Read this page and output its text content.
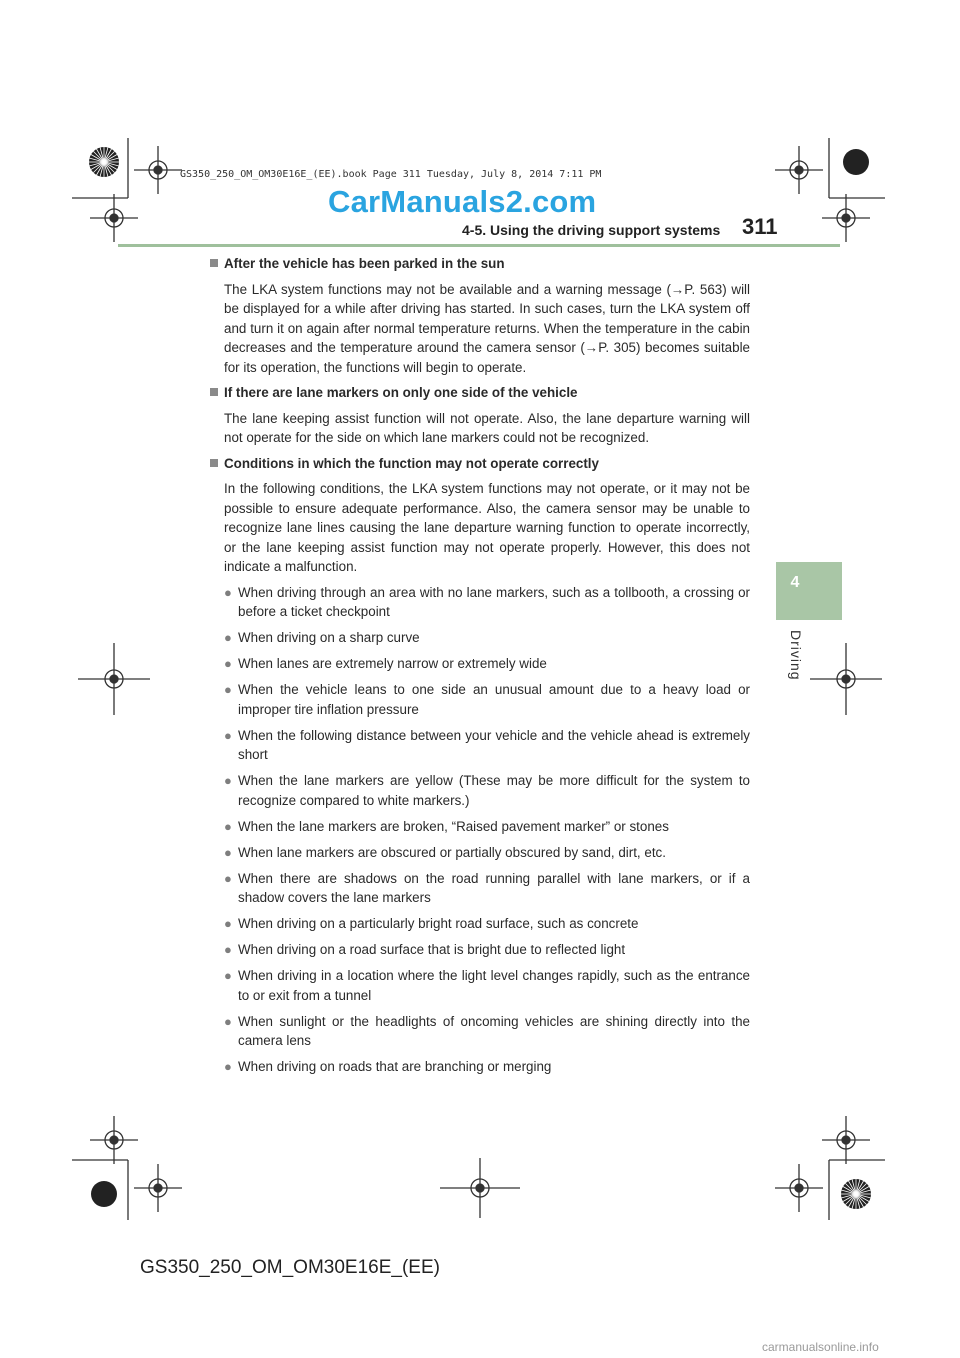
GS350_250_OM_OM30E16E_(EE).book Page 311 Tuesday, July 8, 2014 7:11 PM
CarManuals2.com
4-5. Using the driving support systems 311
4
Driving
After the vehicle has been parked in the sun
The LKA system functions may not be available and a warning message (→P. 563) will be displayed for a while after driving has started. In such cases, turn the LKA system off and turn it on again after normal temperature returns. When the temperature in the cabin decreases and the temperature around the camera sensor (→P. 305) becomes suitable for its operation, the functions will begin to operate.
If there are lane markers on only one side of the vehicle
The lane keeping assist function will not operate. Also, the lane departure warning will not operate for the side on which lane markers could not be recognized.
Conditions in which the function may not operate correctly
In the following conditions, the LKA system functions may not operate, or it may not be possible to ensure adequate performance. Also, the camera sensor may be unable to recognize lane lines causing the lane departure warning function to operate incorrectly, or the lane keeping assist function may not operate properly. However, this does not indicate a malfunction.
● When driving through an area with no lane markers, such as a tollbooth, a crossing or before a ticket checkpoint
● When driving on a sharp curve
● When lanes are extremely narrow or extremely wide
● When the vehicle leans to one side an unusual amount due to a heavy load or improper tire inflation pressure
● When the following distance between your vehicle and the vehicle ahead is extremely short
● When the lane markers are yellow (These may be more difficult for the system to recognize compared to white markers.)
● When the lane markers are broken, “Raised pavement marker” or stones
● When lane markers are obscured or partially obscured by sand, dirt, etc.
● When there are shadows on the road running parallel with lane markers, or if a shadow covers the lane markers
● When driving on a particularly bright road surface, such as concrete
● When driving on a road surface that is bright due to reflected light
● When driving in a location where the light level changes rapidly, such as the entrance to or exit from a tunnel
● When sunlight or the headlights of oncoming vehicles are shining directly into the camera lens
● When driving on roads that are branching or merging
GS350_250_OM_OM30E16E_(EE)
carmanualsonline.info
